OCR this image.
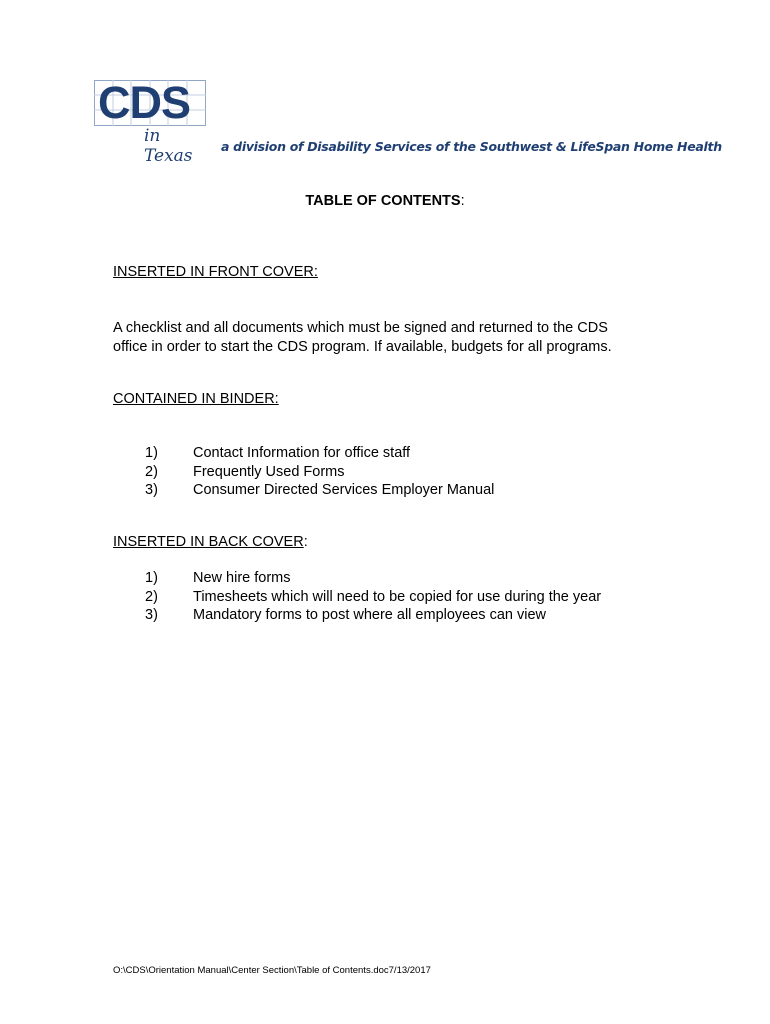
CDS
in Texas	a division of Disability Services of the Southwest & LifeSpan Home Health
TABLE OF CONTENTS:
INSERTED IN FRONT COVER:
A checklist and all documents which must be signed and returned to the CDS
office in order to start the CDS program. If available, budgets for all programs.
CONTAINED IN BINDER:
1)	Contact Information for office staff
2)	Frequently Used Forms
3)	Consumer Directed Services Employer Manual
INSERTED IN BACK COVER:
1)	New hire forms
2)	Timesheets which will need to be copied for use during the year
3)	Mandatory forms to post where all employees can view
O:\CDS\Orientation Manual\Center Section\Table of Contents.doc7/13/2017
